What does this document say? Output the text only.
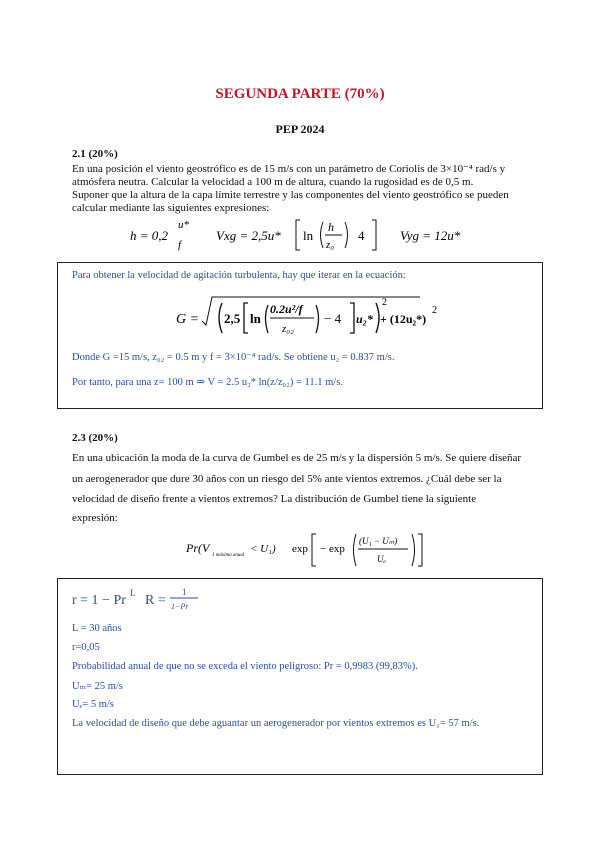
SEGUNDA PARTE (70%)
PEP 2024
2.1 (20%)
En una posición el viento geostrófico es de 15 m/s con un parámetro de Coriolis de 3×10⁻⁴ rad/s y
atmósfera neutra. Calcular la velocidad a 100 m de altura, cuando la rugosidad es de 0,5 m.
Suponer que la altura de la capa límite terrestre y las componentes del viento geostrófico se pueden
calcular mediante las siguientes expresiones:
h = 0,2
u*
f
Vxg = 2,5u* ln
h
z₀
4	Vyg = 12u*
Para obtener la velocidad de agitación turbulenta, hay que iterar en la ecuación:
G = 2,5 ln
0.2u²/f
z₀₂
− 4 u₂*
2
+ (12u₂*)
2
Donde G =15 m/s, z₀₂ = 0.5 m y f = 3×10⁻⁴ rad/s. Se obtiene u₂ = 0.837 m/s.
Por tanto, para una z= 100 m ⇒ V = 2.5 u₂* ln(z/z₀₂) = 11.1 m/s.
2.3 (20%)
En una ubicación la moda de la curva de Gumbel es de 25 m/s y la dispersión 5 m/s. Se quiere diseñar
un aerogenerador que dure 30 años con un riesgo del 5% ante vientos extremos. ¿Cuál debe ser la
velocidad de diseño frente a vientos extremos? La distribución de Gumbel tiene la siguiente
expresión:
Pr(V
1 máximo anual
< U₁) exp − exp
(U₁ − Uₘ)
Uₑ
r = 1 − Pr L R =
1
1−Pr
L = 30 años
r=0,05
Probabilidad anual de que no se exceda el viento peligroso: Pr = 0,9983 (99,83%).
Uₘ= 25 m/s
Uₑ= 5 m/s
La velocidad de diseño que debe aguantar un aerogenerador por vientos extremos es U₁= 57 m/s.
